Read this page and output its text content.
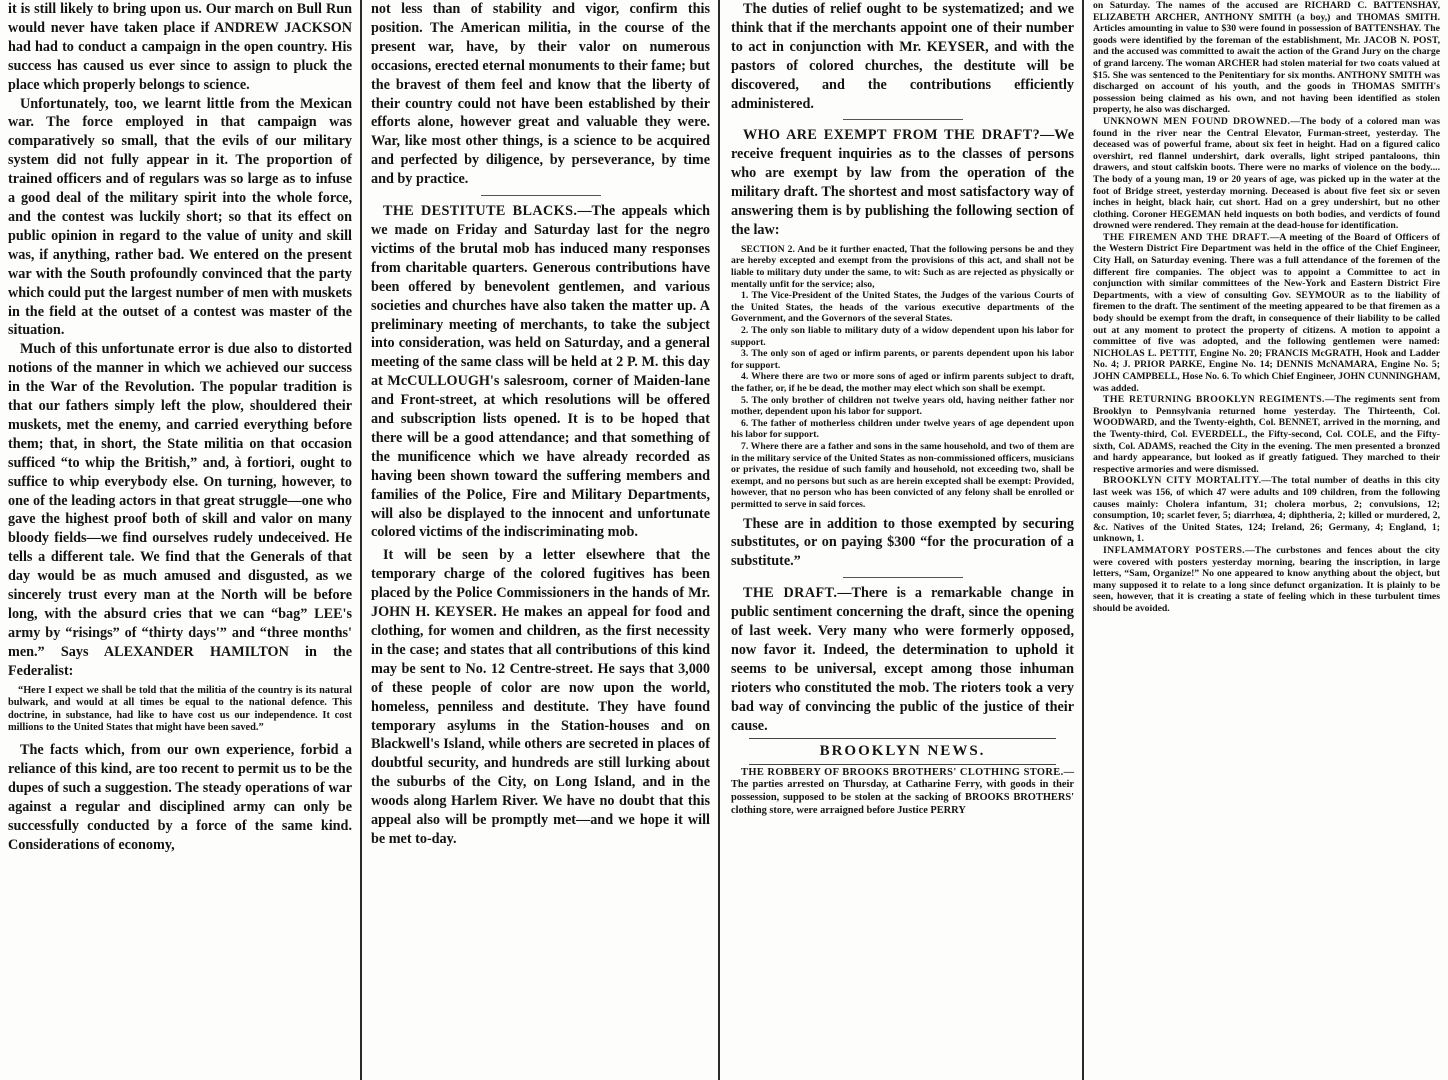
it is still likely to bring upon us. Our march on Bull Run would never have taken place if ANDREW JACKSON had had to conduct a campaign in the open country. His success has caused us ever since to assign to pluck the place which properly belongs to science.

Unfortunately, too, we learnt little from the Mexican war. The force employed in that campaign was comparatively so small, that the evils of our military system did not fully appear in it. The proportion of trained officers and of regulars was so large as to infuse a good deal of the military spirit into the whole force, and the contest was luckily short; so that its effect on public opinion in regard to the value of unity and skill was, if anything, rather bad. We entered on the present war with the South profoundly convinced that the party which could put the largest number of men with muskets in the field at the outset of a contest was master of the situation.

Much of this unfortunate error is due also to distorted notions of the manner in which we achieved our success in the War of the Revolution. The popular tradition is that our fathers simply left the plow, shouldered their muskets, met the enemy, and carried everything before them; that, in short, the State militia on that occasion sufficed “to whip the British,” and, à fortiori, ought to suffice to whip everybody else. On turning, however, to one of the leading actors in that great struggle—one who gave the highest proof both of skill and valor on many bloody fields—we find ourselves rudely undeceived. He tells a different tale. We find that the Generals of that day would be as much amused and disgusted, as we sincerely trust every man at the North will be before long, with the absurd cries that we can “bag” LEE's army by “risings” of “thirty days'” and “three months' men.” Says ALEXANDER HAMILTON in the Federalist:

“Here I expect we shall be told that the militia of the country is its natural bulwark, and would at all times be equal to the national defence. This doctrine, in substance, had like to have cost us our independence. It cost millions to the United States that might have been saved.”

The facts which, from our own experience, forbid a reliance of this kind, are too recent to permit us to be the dupes of such a suggestion. The steady operations of war against a regular and disciplined army can only be successfully conducted by a force of the same kind. Considerations of economy,

not less than of stability and vigor, confirm this position. The American militia, in the course of the present war, have, by their valor on numerous occasions, erected eternal monuments to their fame; but the bravest of them feel and know that the liberty of their country could not have been established by their efforts alone, however great and valuable they were. War, like most other things, is a science to be acquired and perfected by diligence, by perseverance, by time and by practice.

THE DESTITUTE BLACKS.—The appeals which we made on Friday and Saturday last for the negro victims of the brutal mob has induced many responses from charitable quarters. Generous contributions have been offered by benevolent gentlemen, and various societies and churches have also taken the matter up. A preliminary meeting of merchants, to take the subject into consideration, was held on Saturday, and a general meeting of the same class will be held at 2 P. M. this day at McCULLOUGH's salesroom, corner of Maiden-lane and Front-street, at which resolutions will be offered and subscription lists opened. It is to be hoped that there will be a good attendance; and that something of the munificence which we have already recorded as having been shown toward the suffering members and families of the Police, Fire and Military Departments, will also be displayed to the innocent and unfortunate colored victims of the indiscriminating mob.

It will be seen by a letter elsewhere that the temporary charge of the colored fugitives has been placed by the Police Commissioners in the hands of Mr. JOHN H. KEYSER. He makes an appeal for food and clothing, for women and children, as the first necessity in the case; and states that all contributions of this kind may be sent to No. 12 Centre-street. He says that 3,000 of these people of color are now upon the world, homeless, penniless and destitute. They have found temporary asylums in the Station-houses and on Blackwell's Island, while others are secreted in places of doubtful security, and hundreds are still lurking about the suburbs of the City, on Long Island, and in the woods along Harlem River. We have no doubt that this appeal also will be promptly met—and we hope it will be met to-day.

The duties of relief ought to be systematized; and we think that if the merchants appoint one of their number to act in conjunction with Mr. KEYSER, and with the pastors of colored churches, the destitute will be discovered, and the contributions efficiently administered.

WHO ARE EXEMPT FROM THE DRAFT?—We receive frequent inquiries as to the classes of persons who are exempt by law from the operation of the military draft. The shortest and most satisfactory way of answering them is by publishing the following section of the law:

SECTION 2. And be it further enacted, That the following persons be and they are hereby excepted and exempt from the provisions of this act, and shall not be liable to military duty under the same, to wit: Such as are rejected as physically or mentally unfit for the service; also,

1. The Vice-President of the United States, the Judges of the various Courts of the United States, the heads of the various executive departments of the Government, and the Governors of the several States.

2. The only son liable to military duty of a widow dependent upon his labor for support.

3. The only son of aged or infirm parents, or parents dependent upon his labor for support.

4. Where there are two or more sons of aged or infirm parents subject to draft, the father, or, if he be dead, the mother may elect which son shall be exempt.

5. The only brother of children not twelve years old, having neither father nor mother, dependent upon his labor for support.

6. The father of motherless children under twelve years of age dependent upon his labor for support.

7. Where there are a father and sons in the same household, and two of them are in the military service of the United States as non-commissioned officers, musicians or privates, the residue of such family and household, not exceeding two, shall be exempt, and no persons but such as are herein excepted shall be exempt: Provided, however, that no person who has been convicted of any felony shall be enrolled or permitted to serve in said forces.

These are in addition to those exempted by securing substitutes, or on paying $300 “for the procuration of a substitute.”

THE DRAFT.—There is a remarkable change in public sentiment concerning the draft, since the opening of last week. Very many who were formerly opposed, now favor it. Indeed, the determination to uphold it seems to be universal, except among those inhuman rioters who constituted the mob. The rioters took a very bad way of convincing the public of the justice of their cause.

BROOKLYN NEWS.

THE ROBBERY OF BROOKS BROTHERS' CLOTHING STORE.—The parties arrested on Thursday, at Catharine Ferry, with goods in their possession, supposed to be stolen at the sacking of BROOKS BROTHERS' clothing store, were arraigned before Justice PERRY

on Saturday. The names of the accused are RICHARD C. BATTENSHAY, ELIZABETH ARCHER, ANTHONY SMITH (a boy,) and THOMAS SMITH. Articles amounting in value to $30 were found in possession of BATTENSHAY. The goods were identified by the foreman of the establishment, Mr. JACOB N. POST, and the accused was committed to await the action of the Grand Jury on the charge of grand larceny. The woman ARCHER had stolen material for two coats valued at $15. She was sentenced to the Penitentiary for six months. ANTHONY SMITH was discharged on account of his youth, and the goods in THOMAS SMITH's possession being claimed as his own, and not having been identified as stolen property, he also was discharged.

UNKNOWN MEN FOUND DROWNED.—The body of a colored man was found in the river near the Central Elevator, Furman-street, yesterday. The deceased was of powerful frame, about six feet in height. Had on a figured calico overshirt, red flannel undershirt, dark overalls, light striped pantaloons, thin drawers, and stout calfskin boots. There were no marks of violence on the body.... The body of a young man, 19 or 20 years of age, was picked up in the water at the foot of Bridge street, yesterday morning. Deceased is about five feet six or seven inches in height, black hair, cut short. Had on a grey undershirt, but no other clothing. Coroner HEGEMAN held inquests on both bodies, and verdicts of found drowned were rendered. They remain at the dead-house for identification.

THE FIREMEN AND THE DRAFT.—A meeting of the Board of Officers of the Western District Fire Department was held in the office of the Chief Engineer, City Hall, on Saturday evening. There was a full attendance of the foremen of the different fire companies. The object was to appoint a Committee to act in conjunction with similar committees of the New-York and Eastern District Fire Departments, with a view of consulting Gov. SEYMOUR as to the liability of firemen to the draft. The sentiment of the meeting appeared to be that firemen as a body should be exempt from the draft, in consequence of their liability to be called out at any moment to protect the property of citizens. A motion to appoint a committee of five was adopted, and the following gentlemen were named: NICHOLAS L. PETTIT, Engine No. 20; FRANCIS McGRATH, Hook and Ladder No. 4; J. PRIOR PARKE, Engine No. 14; DENNIS McNAMARA, Engine No. 5; JOHN CAMPBELL, Hose No. 6. To which Chief Engineer, JOHN CUNNINGHAM, was added.

THE RETURNING BROOKLYN REGIMENTS.—The regiments sent from Brooklyn to Pennsylvania returned home yesterday. The Thirteenth, Col. WOODWARD, and the Twenty-eighth, Col. BENNET, arrived in the morning, and the Twenty-third, Col. EVERDELL, the Fifty-second, Col. COLE, and the Fifty-sixth, Col. ADAMS, reached the City in the evening. The men presented a bronzed and hardy appearance, but looked as if greatly fatigued. They marched to their respective armories and were dismissed.

BROOKLYN CITY MORTALITY.—The total number of deaths in this city last week was 156, of which 47 were adults and 109 children, from the following causes mainly: Cholera infantum, 31; cholera morbus, 2; convulsions, 12; consumption, 10; scarlet fever, 5; diarrhœa, 4; diphtheria, 2; killed or murdered, 2, &c. Natives of the United States, 124; Ireland, 26; Germany, 4; England, 1; unknown, 1.

INFLAMMATORY POSTERS.—The curbstones and fences about the city were covered with posters yesterday morning, bearing the inscription, in large letters, “Sam, Organize!” No one appeared to know anything about the object, but many supposed it to relate to a long since defunct organization. It is plainly to be seen, however, that it is creating a state of feeling which in these turbulent times should be avoided.
